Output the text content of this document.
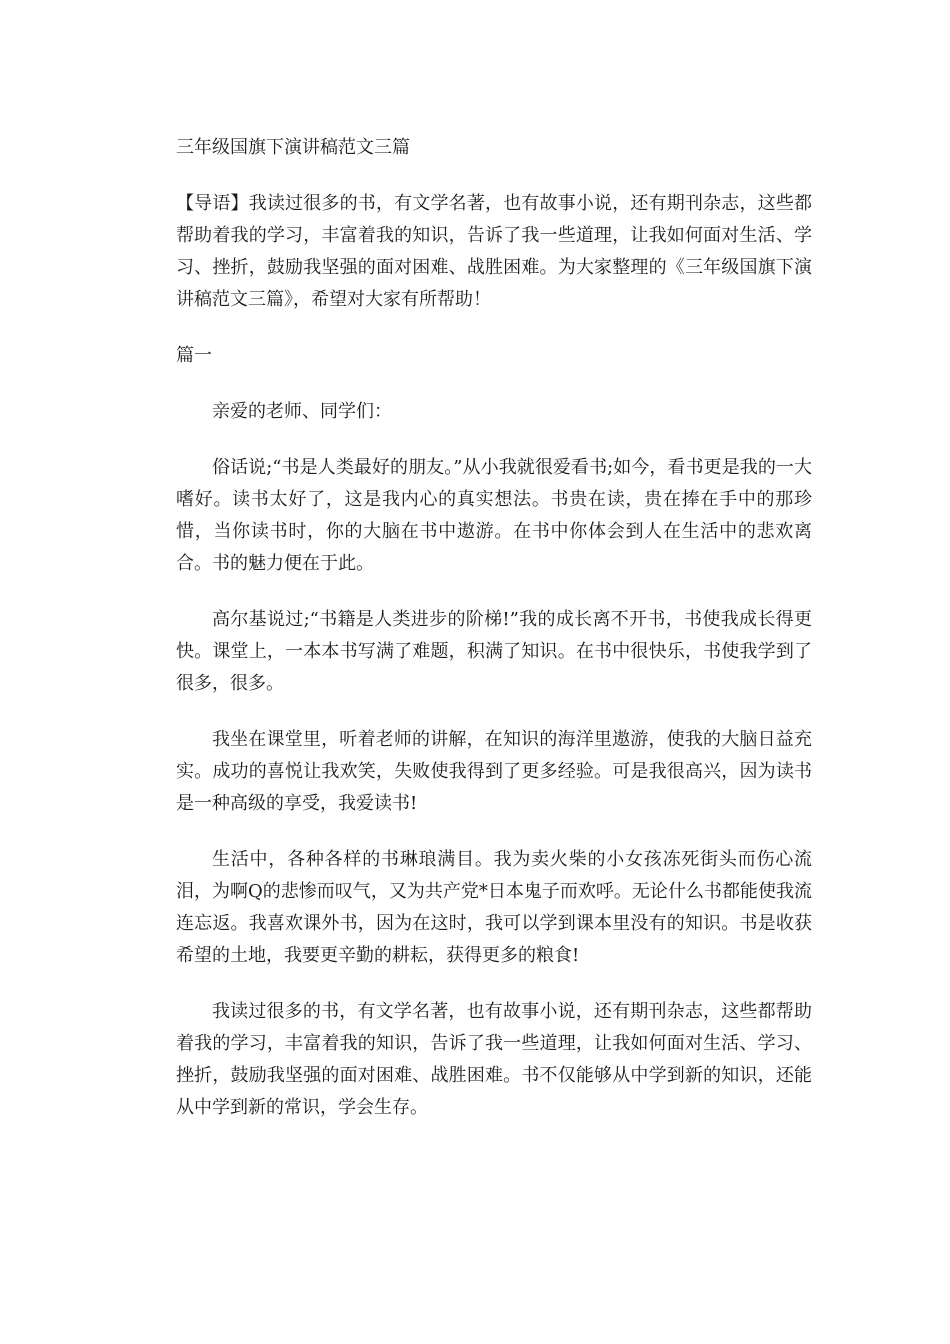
三年级国旗下演讲稿范文三篇

【导语】我读过很多的书，有文学名著，也有故事小说，还有期刊杂志，这些都帮助着我的学习，丰富着我的知识，告诉了我一些道理，让我如何面对生活、学习、挫折，鼓励我坚强的面对困难、战胜困难。为大家整理的《三年级国旗下演讲稿范文三篇》，希望对大家有所帮助！

篇一

亲爱的老师、同学们：

俗话说;“书是人类最好的朋友。”从小我就很爱看书;如今，看书更是我的一大嗜好。读书太好了，这是我内心的真实想法。书贵在读，贵在捧在手中的那珍惜，当你读书时，你的大脑在书中遨游。在书中你体会到人在生活中的悲欢离合。书的魅力便在于此。

高尔基说过;“书籍是人类进步的阶梯!”我的成长离不开书，书使我成长得更快。课堂上，一本本书写满了难题，积满了知识。在书中很快乐，书使我学到了很多，很多。

我坐在课堂里，听着老师的讲解，在知识的海洋里遨游，使我的大脑日益充实。成功的喜悦让我欢笑，失败使我得到了更多经验。可是我很高兴，因为读书是一种高级的享受，我爱读书!

生活中，各种各样的书琳琅满目。我为卖火柴的小女孩冻死街头而伤心流泪，为啊Q的悲惨而叹气，又为共产党*日本鬼子而欢呼。无论什么书都能使我流连忘返。我喜欢课外书，因为在这时，我可以学到课本里没有的知识。书是收获希望的土地，我要更辛勤的耕耘，获得更多的粮食!

我读过很多的书，有文学名著，也有故事小说，还有期刊杂志，这些都帮助着我的学习，丰富着我的知识，告诉了我一些道理，让我如何面对生活、学习、挫折，鼓励我坚强的面对困难、战胜困难。书不仅能够从中学到新的知识，还能从中学到新的常识，学会生存。
